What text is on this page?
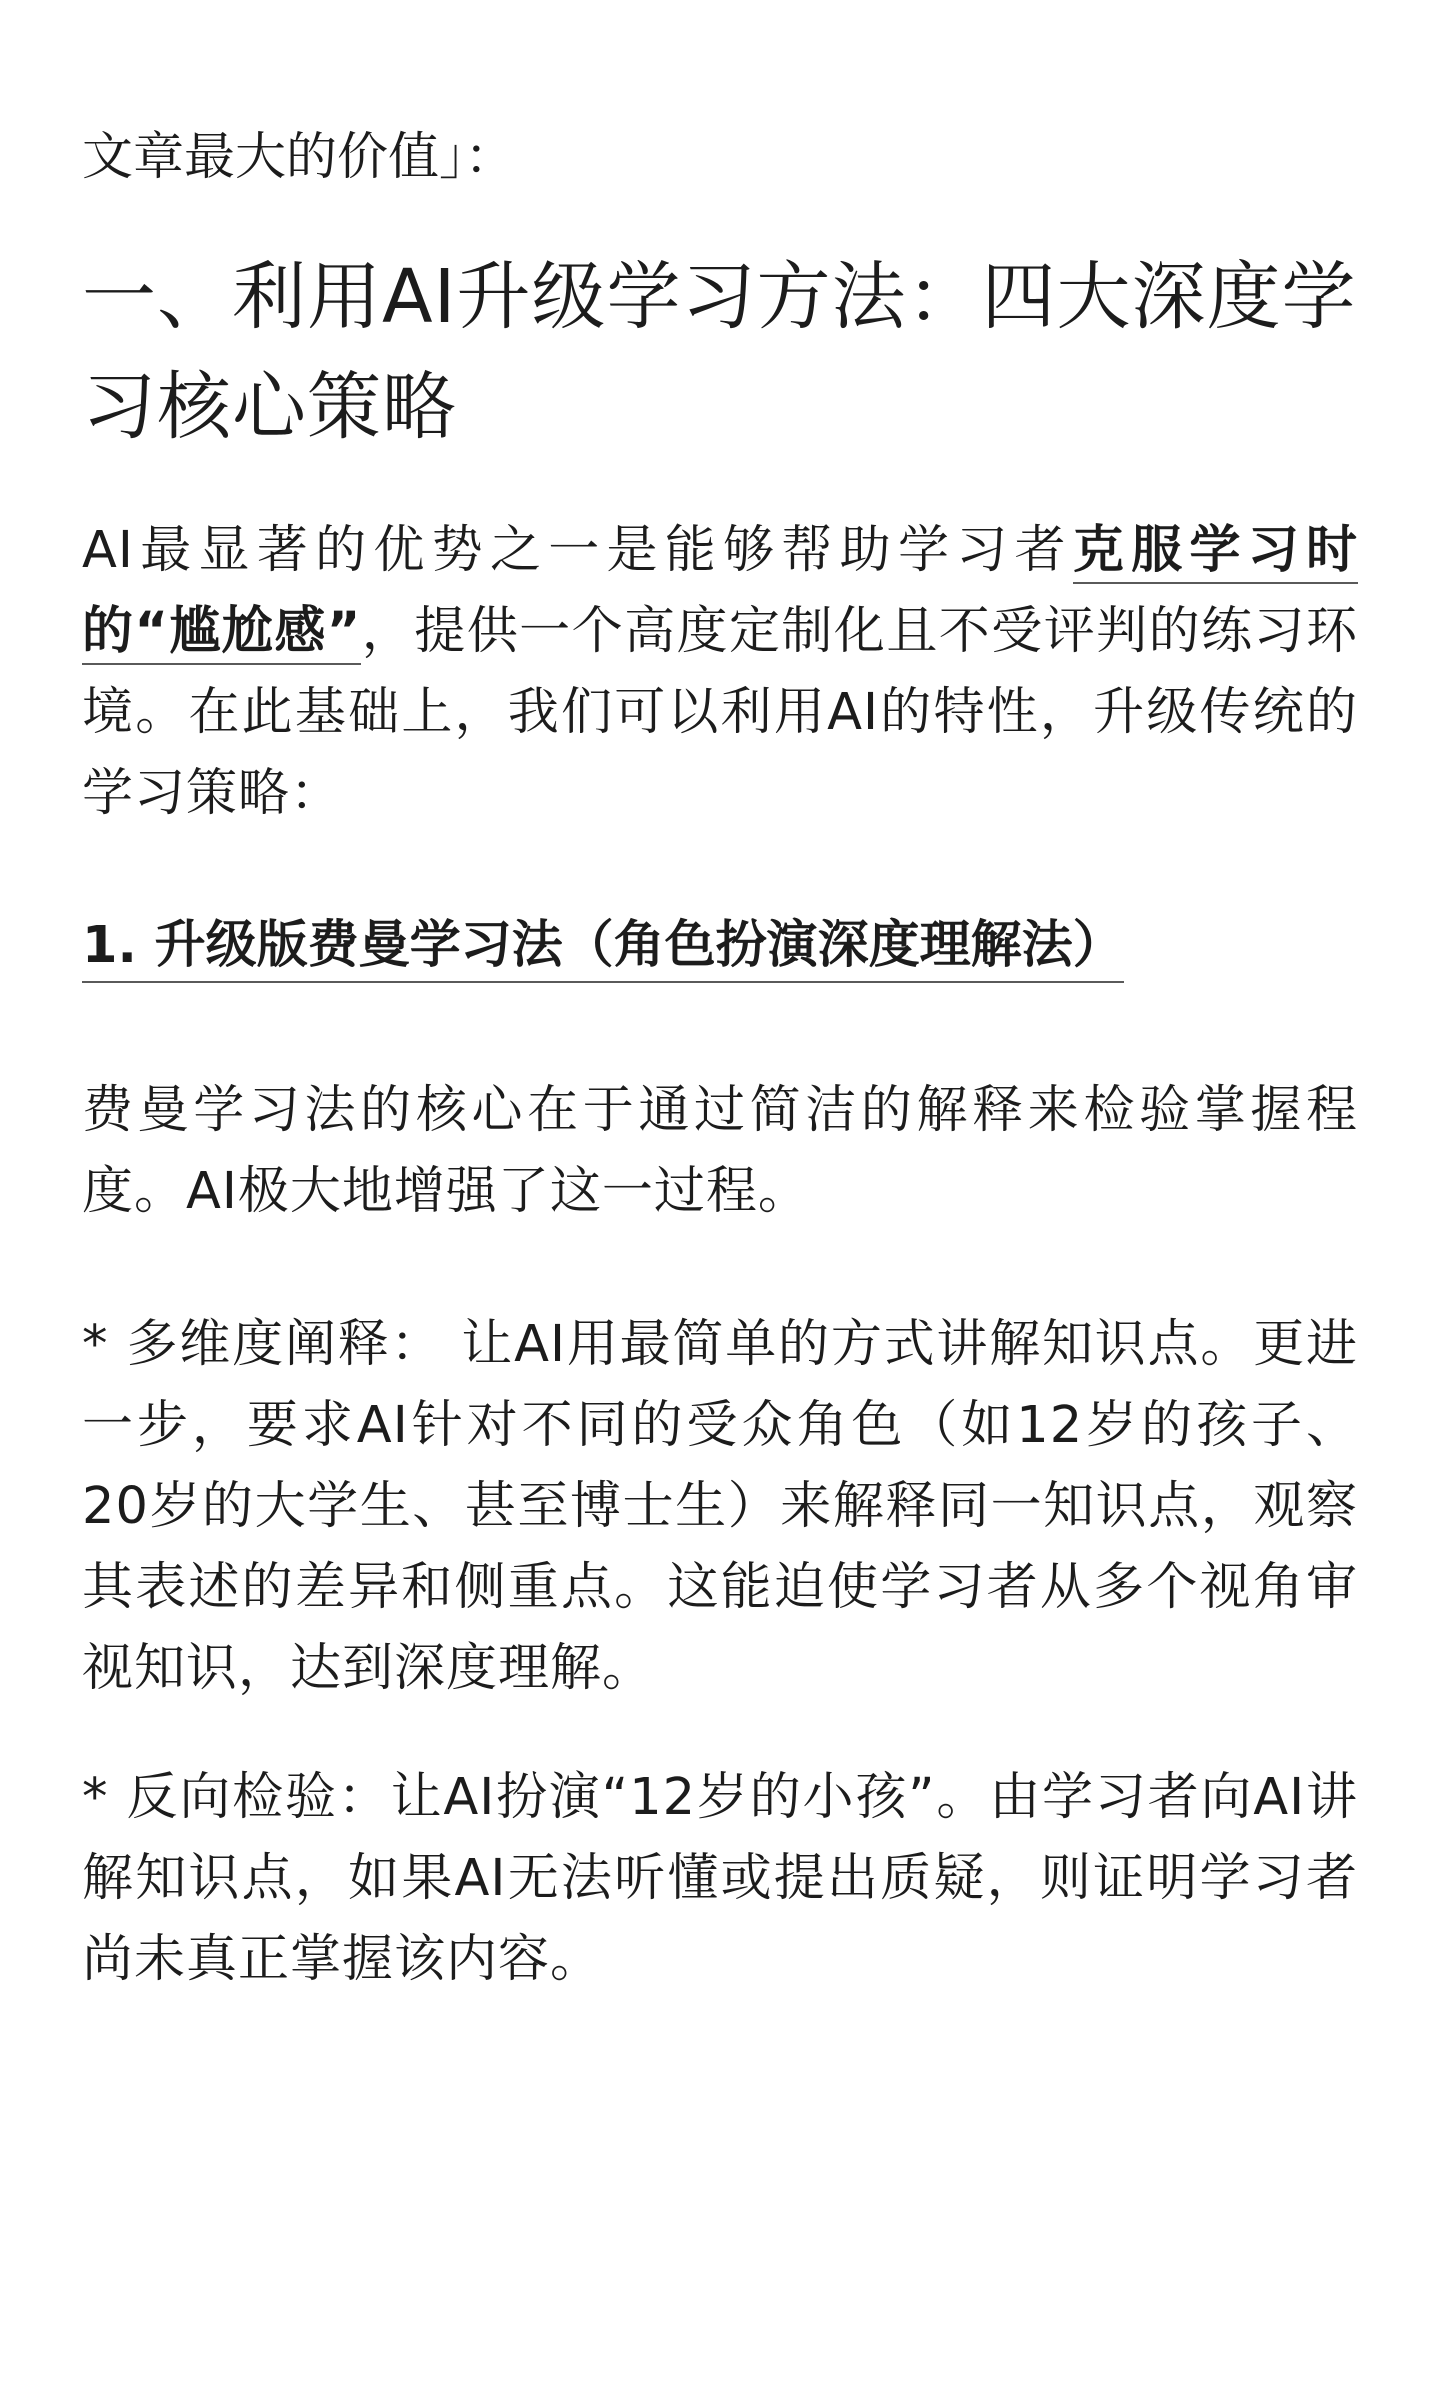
文章最大的价值」：

一、利用AI升级学习方法：四大深度学习核心策略

AI最显著的优势之一是能够帮助学习者克服学习时的“尴尬感”，提供一个高度定制化且不受评判的练习环境。在此基础上，我们可以利用AI的特性，升级传统的学习策略：

1. 升级版费曼学习法（角色扮演深度理解法）

费曼学习法的核心在于通过简洁的解释来检验掌握程度。AI极大地增强了这一过程。

* 多维度阐释： 让AI用最简单的方式讲解知识点。更进一步，要求AI针对不同的受众角色（如12岁的孩子、20岁的大学生、甚至博士生）来解释同一知识点，观察其表述的差异和侧重点。这能迫使学习者从多个视角审视知识，达到深度理解。

* 反向检验：让AI扮演“12岁的小孩”。由学习者向AI讲解知识点，如果AI无法听懂或提出质疑，则证明学习者尚未真正掌握该内容。
